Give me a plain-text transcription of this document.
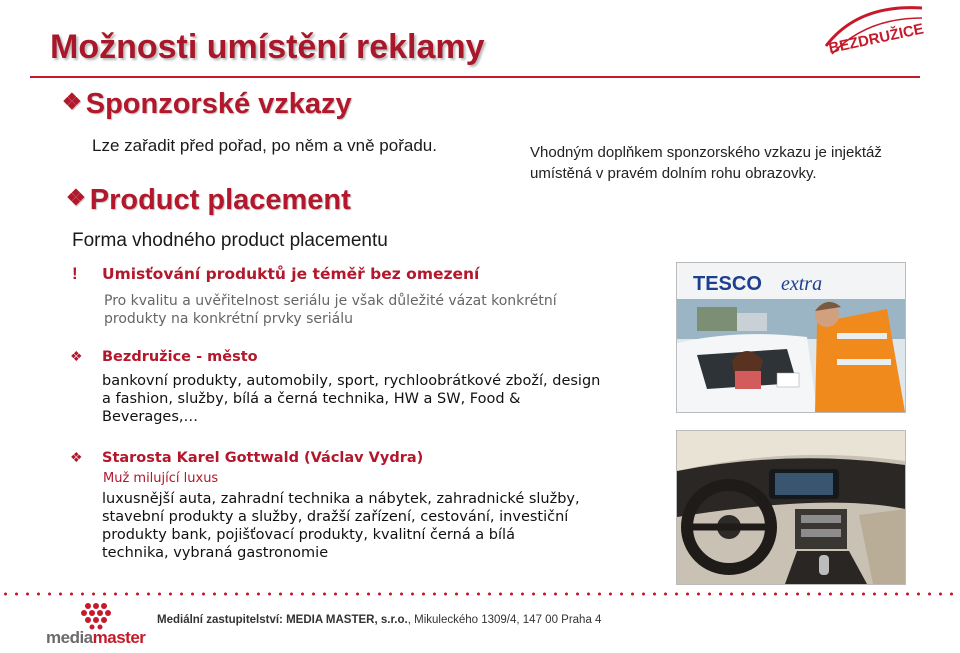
Možnosti umístění reklamy	BEZDRUŽICE
❖ Sponzorské vzkazy
Lze zařadit před pořad, po něm a vně pořadu.	Vhodným doplňkem sponzorského vzkazu je injektáž umístěná v pravém dolním rohu obrazovky.
❖ Product placement
Forma vhodného product placementu
! Umisťování produktů je téměř bez omezení
Pro kvalitu a uvěřitelnost seriálu je však důležité vázat konkrétní produkty na konkrétní prvky seriálu
❖ Bezdružice - město
bankovní produkty, automobily, sport, rychloobrátkové zboží, design a fashion, služby, bílá a černá technika, HW a SW, Food & Beverages,…
❖ Starosta Karel Gottwald (Václav Vydra)
Muž milující luxus
luxusnější auta, zahradní technika a nábytek, zahradnické služby, stavební produkty a služby, dražší zařízení, cestování, investiční produkty bank, pojišťovací produkty, kvalitní černá a bílá technika, vybraná gastronomie
TESCO extra
mediamaster
Mediální zastupitelství: MEDIA MASTER, s.r.o., Mikuleckého 1309/4, 147 00 Praha 4
